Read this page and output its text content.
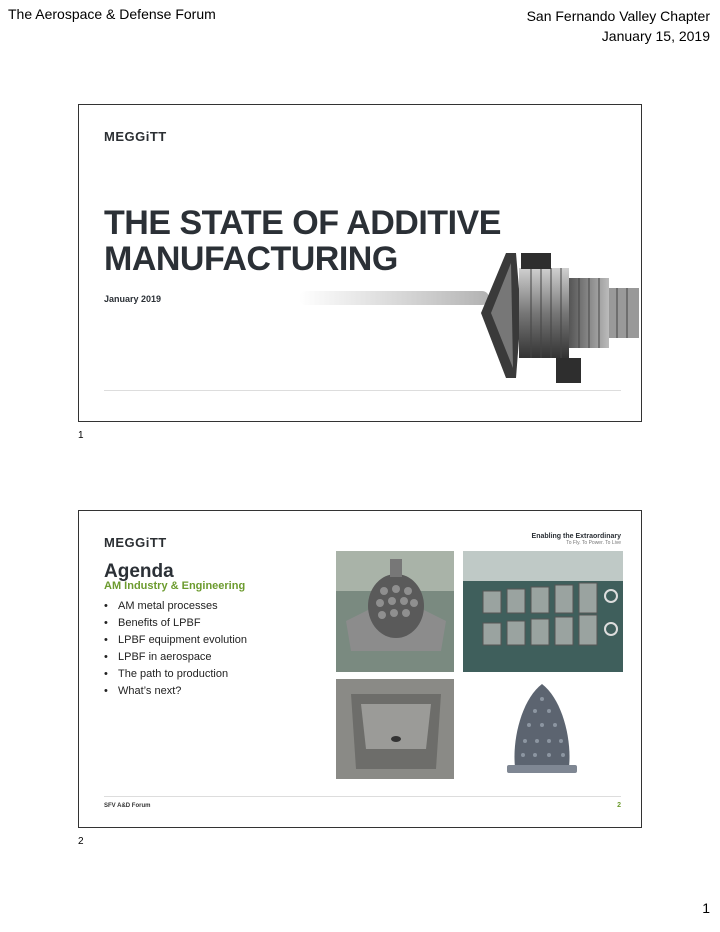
The Aerospace & Defense Forum	San Fernando Valley Chapter
January 15, 2019
MEGGiTT
THE STATE OF ADDITIVE
MANUFACTURING
January 2019
1
MEGGiTT	Enabling the Extraordinary
To Fly. To Power. To Live
Agenda
AM Industry & Engineering
• AM metal processes
• Benefits of LPBF
• LPBF equipment evolution
• LPBF in aerospace
• The path to production
• What’s next?
SFV A&D Forum	2
2
1
